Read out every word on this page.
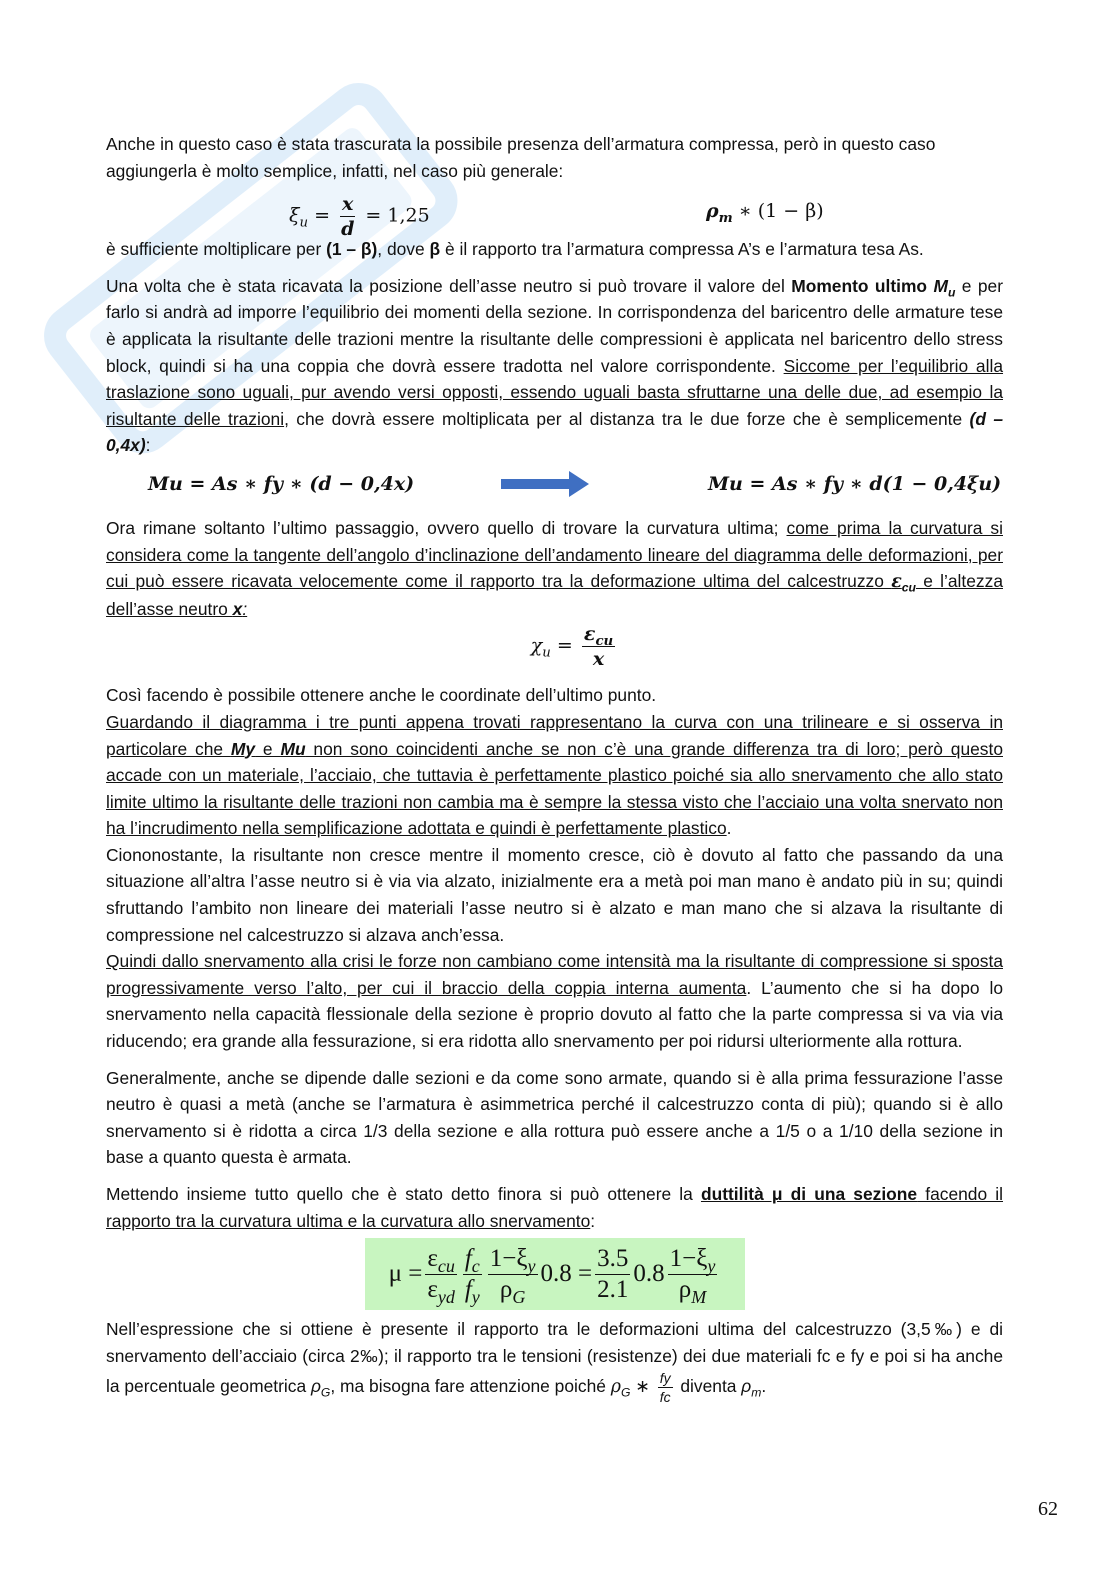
Anche in questo caso è stata trascurata la possibile presenza dell’armatura compressa, però in questo caso
aggiungerla è molto semplice, infatti, nel caso più generale:

$\xi_u = \frac{x}{d} = 1,25$	$\rho_m$ ∗ (1 − β)

è sufficiente moltiplicare per (1 – β), dove β è il rapporto tra l’armatura compressa A’s e l’armatura tesa As.

Una volta che è stata ricavata la posizione dell’asse neutro si può trovare il valore del Momento ultimo $M_u$ e per farlo si andrà ad imporre l’equilibrio dei momenti della sezione. In corrispondenza del baricentro delle armature tese è applicata la risultante delle trazioni mentre la risultante delle compressioni è applicata nel baricentro dello stress block, quindi si ha una coppia che dovrà essere tradotta nel valore corrispondente. Siccome per l’equilibrio alla traslazione sono uguali, pur avendo versi opposti, essendo uguali basta sfruttarne una delle due, ad esempio la risultante delle trazioni, che dovrà essere moltiplicata per al distanza tra le due forze che è semplicemente (d – 0,4x):

𝑴𝒖 = 𝑨𝒔 ∗ 𝒇𝒚 ∗ (𝒅 − 0,4𝒙)	𝑴𝒖 = 𝑨𝒔 ∗ 𝒇𝒚 ∗ 𝒅(1 − 0,4𝝃𝒖)

Ora rimane soltanto l’ultimo passaggio, ovvero quello di trovare la curvatura ultima; come prima la curvatura si considera come la tangente dell’angolo d’inclinazione dell’andamento lineare del diagramma delle deformazioni, per cui può essere ricavata velocemente come il rapporto tra la deformazione ultima del calcestruzzo $\varepsilon_{cu}$ e l’altezza dell’asse neutro x:

$\chi_u = \frac{\varepsilon_{cu}}{x}$

Così facendo è possibile ottenere anche le coordinate dell’ultimo punto.

Guardando il diagramma i tre punti appena trovati rappresentano la curva con una trilineare e si osserva in particolare che My e Mu non sono coincidenti anche se non c’è una grande differenza tra di loro; però questo accade con un materiale, l’acciaio, che tuttavia è perfettamente plastico poiché sia allo snervamento che allo stato limite ultimo la risultante delle trazioni non cambia ma è sempre la stessa visto che l’acciaio una volta snervato non ha l’incrudimento nella semplificazione adottata e quindi è perfettamente plastico.

Ciononostante, la risultante non cresce mentre il momento cresce, ciò è dovuto al fatto che passando da una situazione all’altra l’asse neutro si è via via alzato, inizialmente era a metà poi man mano è andato più in su; quindi sfruttando l’ambito non lineare dei materiali l’asse neutro si è alzato e man mano che si alzava la risultante di compressione nel calcestruzzo si alzava anch’essa.

Quindi dallo snervamento alla crisi le forze non cambiano come intensità ma la risultante di compressione si sposta progressivamente verso l’alto, per cui il braccio della coppia interna aumenta. L’aumento che si ha dopo lo snervamento nella capacità flessionale della sezione è proprio dovuto al fatto che la parte compressa si va via via riducendo; era grande alla fessurazione, si era ridotta allo snervamento per poi ridursi ulteriormente alla rottura.

Generalmente, anche se dipende dalle sezioni e da come sono armate, quando si è alla prima fessurazione l’asse neutro è quasi a metà (anche se l’armatura è asimmetrica perché il calcestruzzo conta di più); quando si è allo snervamento si è ridotta a circa 1/3 della sezione e alla rottura può essere anche a 1/5 o a 1/10 della sezione in base a quanto questa è armata.

Mettendo insieme tutto quello che è stato detto finora si può ottenere la duttilità μ di una sezione facendo il rapporto tra la curvatura ultima e la curvatura allo snervamento:

$\mu = \frac{\varepsilon_{cu}}{\varepsilon_{yd}} \frac{f_c}{f_y} \frac{1-\xi_y}{\rho_G} 0.8 = \frac{3.5}{2.1} 0.8 \frac{1-\xi_y}{\rho_M}$

Nell’espressione che si ottiene è presente il rapporto tra le deformazioni ultima del calcestruzzo (3,5‰) e di snervamento dell’acciaio (circa 2‰); il rapporto tra le tensioni (resistenze) dei due materiali fc e fy e poi si ha anche la percentuale geometrica $\rho_G$, ma bisogna fare attenzione poiché $\rho_G$ ∗ $\frac{fy}{fc}$ diventa $\rho_m$.

62
